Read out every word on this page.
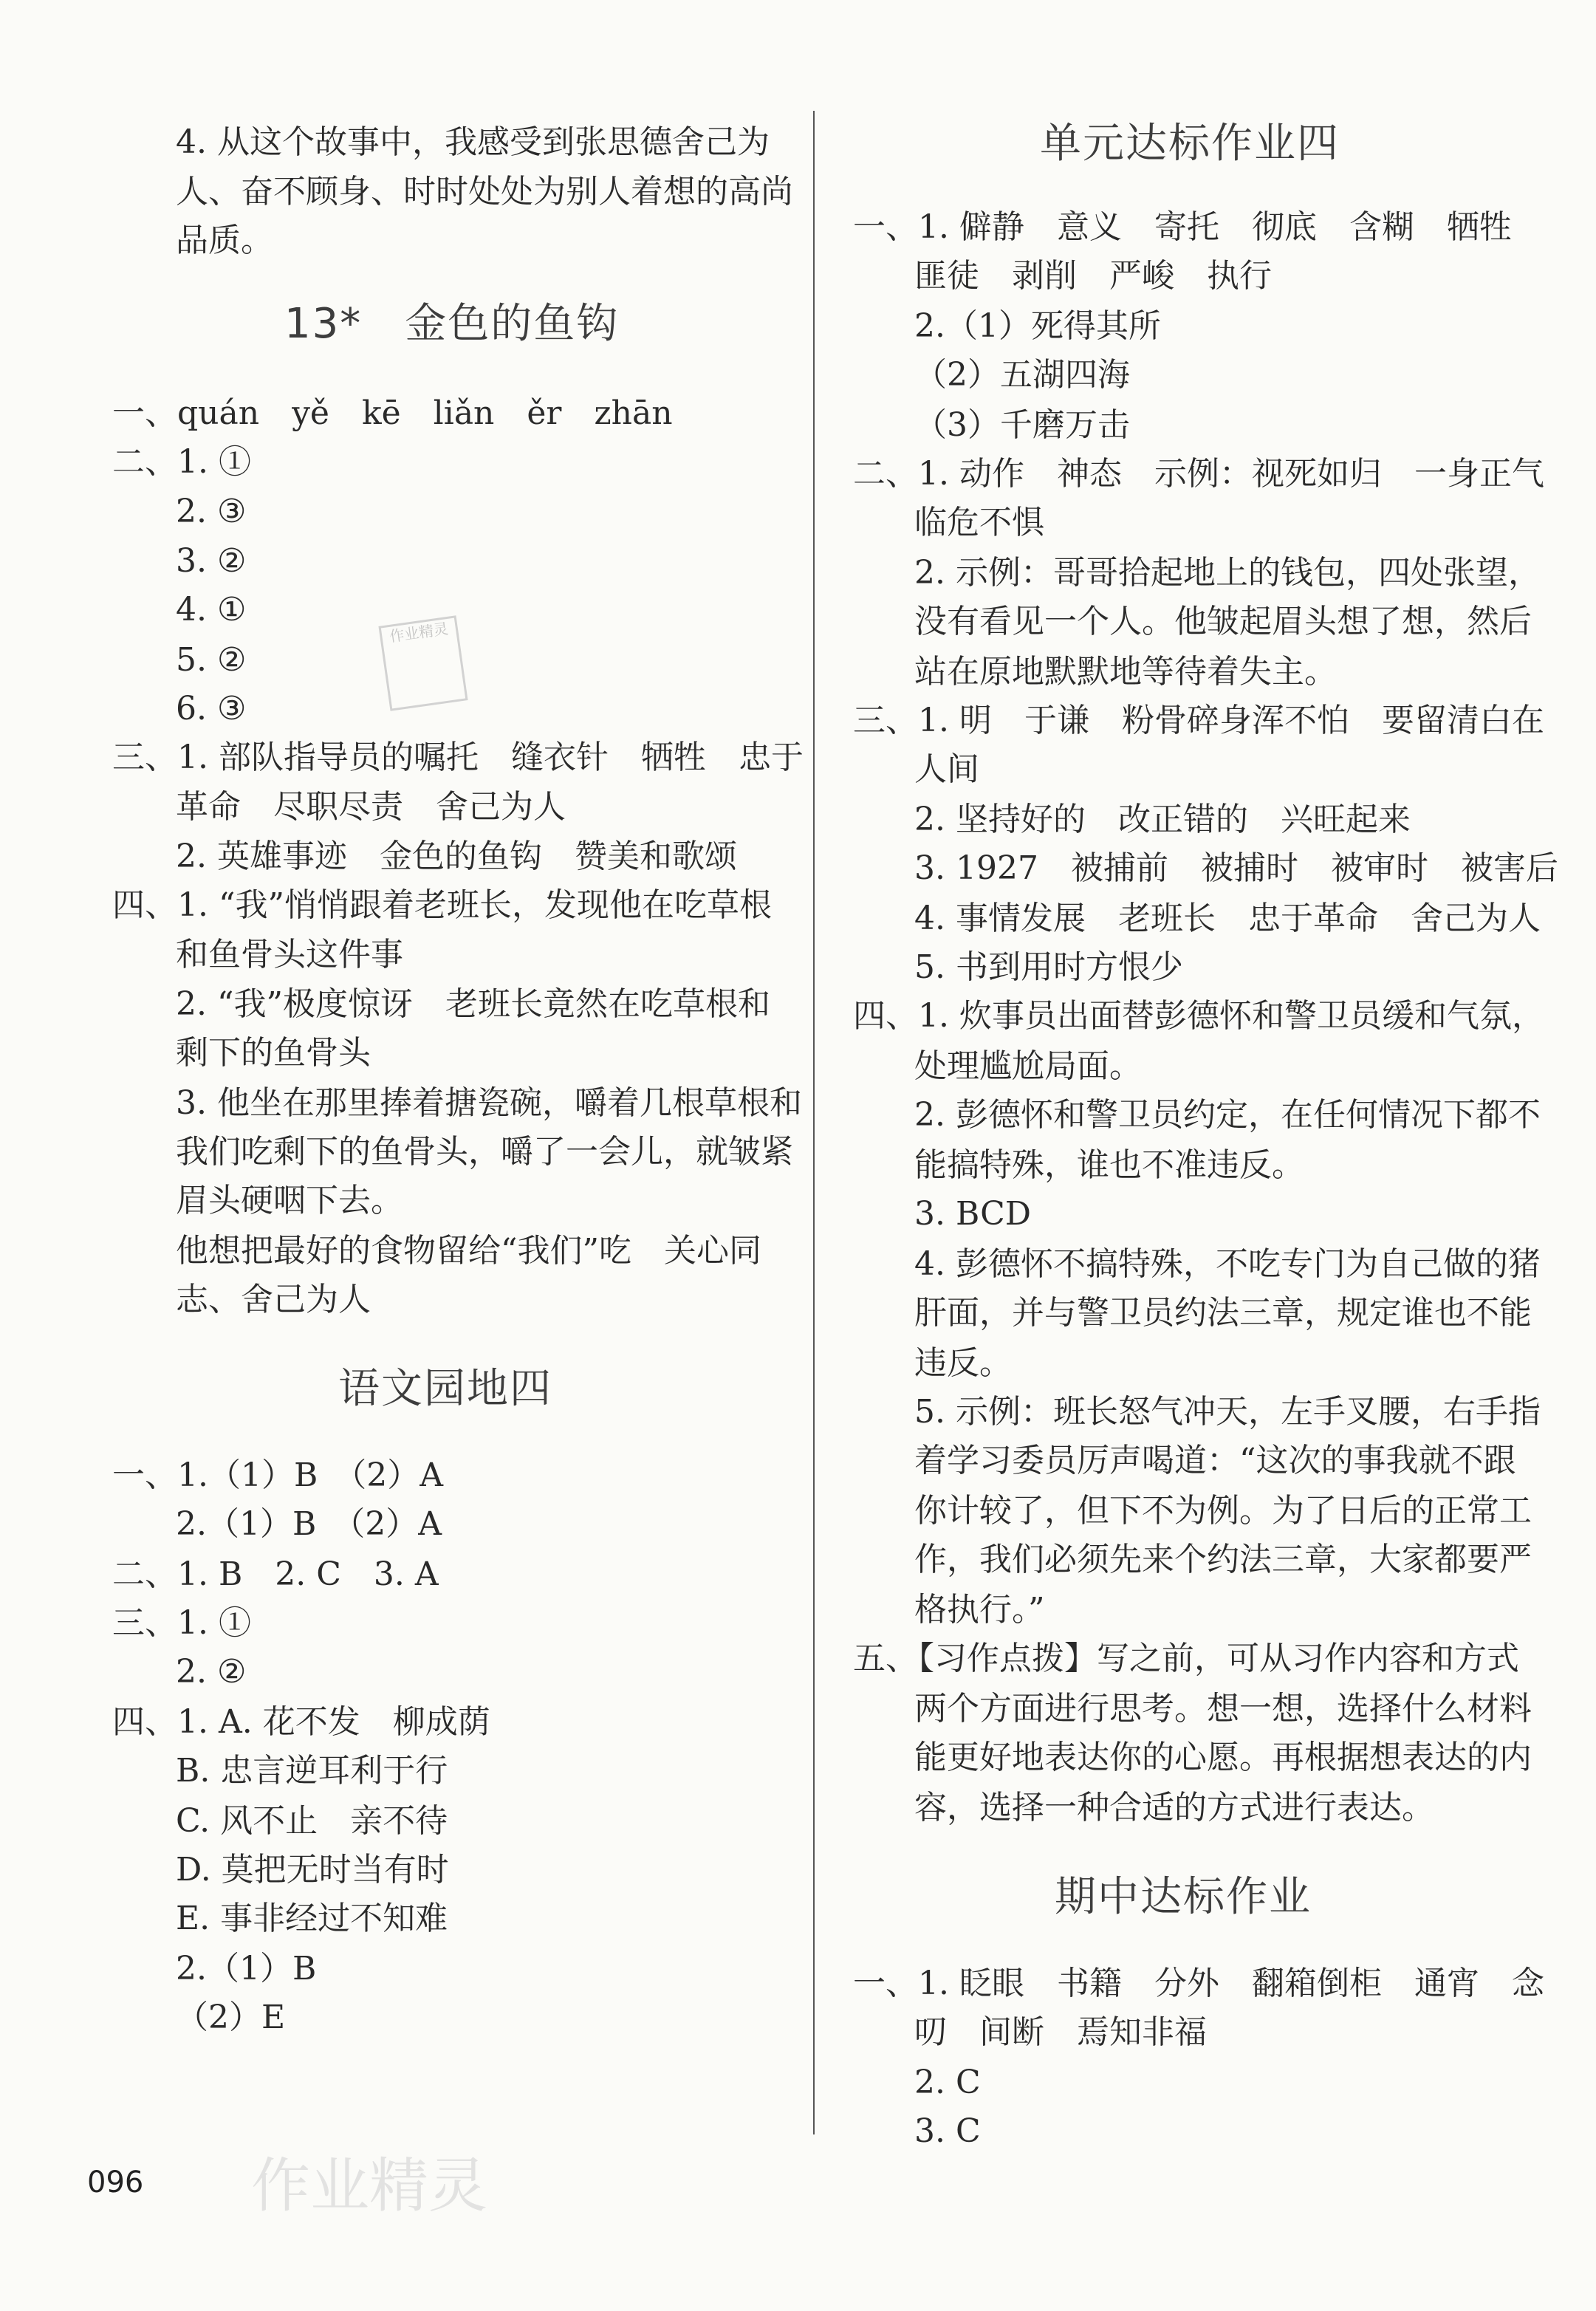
4. 从这个故事中，我感受到张思德舍己为
人、奋不顾身、时时处处为别人着想的高尚
品质。
13*　金色的鱼钩
一、quán　yě　kē　liǎn　ěr　zhān
二、1. ①
2. ③
3. ②
4. ①
5. ②
6. ③
三、1. 部队指导员的嘱托　缝衣针　牺牲　忠于
革命　尽职尽责　舍己为人
2. 英雄事迹　金色的鱼钩　赞美和歌颂
四、1. “我”悄悄跟着老班长，发现他在吃草根
和鱼骨头这件事
2. “我”极度惊讶　老班长竟然在吃草根和
剩下的鱼骨头
3. 他坐在那里捧着搪瓷碗，嚼着几根草根和
我们吃剩下的鱼骨头，嚼了一会儿，就皱紧
眉头硬咽下去。
他想把最好的食物留给“我们”吃　关心同
志、舍己为人
语文园地四
一、1.（1）B　（2）A
2.（1）B　（2）A
二、1. B　2. C　3. A
三、1. ①
2. ②
四、1. A. 花不发　柳成荫
B. 忠言逆耳利于行
C. 风不止　亲不待
D. 莫把无时当有时
E. 事非经过不知难
2.（1）B
（2）E
单元达标作业四
一、1. 僻静　意义　寄托　彻底　含糊　牺牲
匪徒　剥削　严峻　执行
2.（1）死得其所
（2）五湖四海
（3）千磨万击
二、1. 动作　神态　示例：视死如归　一身正气
临危不惧
2. 示例：哥哥拾起地上的钱包，四处张望，
没有看见一个人。他皱起眉头想了想，然后
站在原地默默地等待着失主。
三、1. 明　于谦　粉骨碎身浑不怕　要留清白在
人间
2. 坚持好的　改正错的　兴旺起来
3. 1927　被捕前　被捕时　被审时　被害后
4. 事情发展　老班长　忠于革命　舍己为人
5. 书到用时方恨少
四、1. 炊事员出面替彭德怀和警卫员缓和气氛，
处理尴尬局面。
2. 彭德怀和警卫员约定，在任何情况下都不
能搞特殊，谁也不准违反。
3. BCD
4. 彭德怀不搞特殊，不吃专门为自己做的猪
肝面，并与警卫员约法三章，规定谁也不能
违反。
5. 示例：班长怒气冲天，左手叉腰，右手指
着学习委员厉声喝道：“这次的事我就不跟
你计较了，但下不为例。为了日后的正常工
作，我们必须先来个约法三章，大家都要严
格执行。”
五、【习作点拨】写之前，可从习作内容和方式
两个方面进行思考。想一想，选择什么材料
能更好地表达你的心愿。再根据想表达的内
容，选择一种合适的方式进行表达。
期中达标作业
一、1. 眨眼　书籍　分外　翻箱倒柜　通宵　念
叨　间断　焉知非福
2. C
3. C
作业精灵
作业精灵
096
